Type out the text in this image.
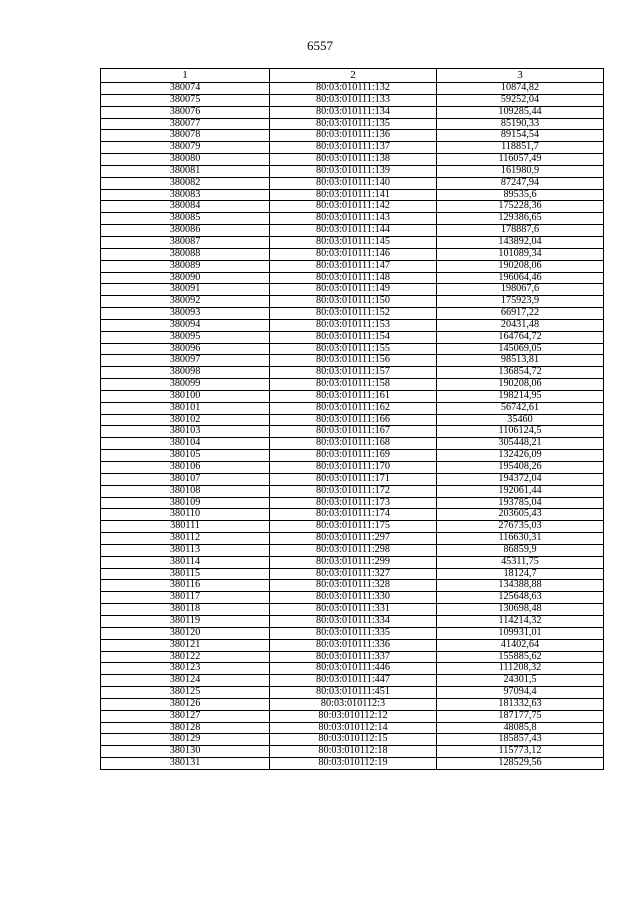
6557
1	2	3
380074	80:03:010111:132	10874,82
380075	80:03:010111:133	59252,04
380076	80:03:010111:134	109285,44
380077	80:03:010111:135	85190,33
380078	80:03:010111:136	89154,54
380079	80:03:010111:137	118851,7
380080	80:03:010111:138	116057,49
380081	80:03:010111:139	161980,9
380082	80:03:010111:140	87247,94
380083	80:03:010111:141	89535,6
380084	80:03:010111:142	175228,36
380085	80:03:010111:143	129386,65
380086	80:03:010111:144	178887,6
380087	80:03:010111:145	143892,04
380088	80:03:010111:146	101089,34
380089	80:03:010111:147	190208,06
380090	80:03:010111:148	196064,46
380091	80:03:010111:149	198067,6
380092	80:03:010111:150	175923,9
380093	80:03:010111:152	66917,22
380094	80:03:010111:153	20431,48
380095	80:03:010111:154	164764,72
380096	80:03:010111:155	145069,05
380097	80:03:010111:156	98513,81
380098	80:03:010111:157	136854,72
380099	80:03:010111:158	190208,06
380100	80:03:010111:161	198214,95
380101	80:03:010111:162	56742,61
380102	80:03:010111:166	35460
380103	80:03:010111:167	1106124,5
380104	80:03:010111:168	305448,21
380105	80:03:010111:169	132426,09
380106	80:03:010111:170	195408,26
380107	80:03:010111:171	194372,04
380108	80:03:010111:172	192061,44
380109	80:03:010111:173	193785,04
380110	80:03:010111:174	203605,43
380111	80:03:010111:175	276735,03
380112	80:03:010111:297	116630,31
380113	80:03:010111:298	86859,9
380114	80:03:010111:299	45311,75
380115	80:03:010111:327	18124,7
380116	80:03:010111:328	134388,88
380117	80:03:010111:330	125648,63
380118	80:03:010111:331	130698,48
380119	80:03:010111:334	114214,32
380120	80:03:010111:335	109931,01
380121	80:03:010111:336	41402,64
380122	80:03:010111:337	155885,62
380123	80:03:010111:446	111208,32
380124	80:03:010111:447	24301,5
380125	80:03:010111:451	97094,4
380126	80:03:010112:3	181332,63
380127	80:03:010112:12	187177,75
380128	80:03:010112:14	48085,8
380129	80:03:010112:15	185857,43
380130	80:03:010112:18	115773,12
380131	80:03:010112:19	128529,56
